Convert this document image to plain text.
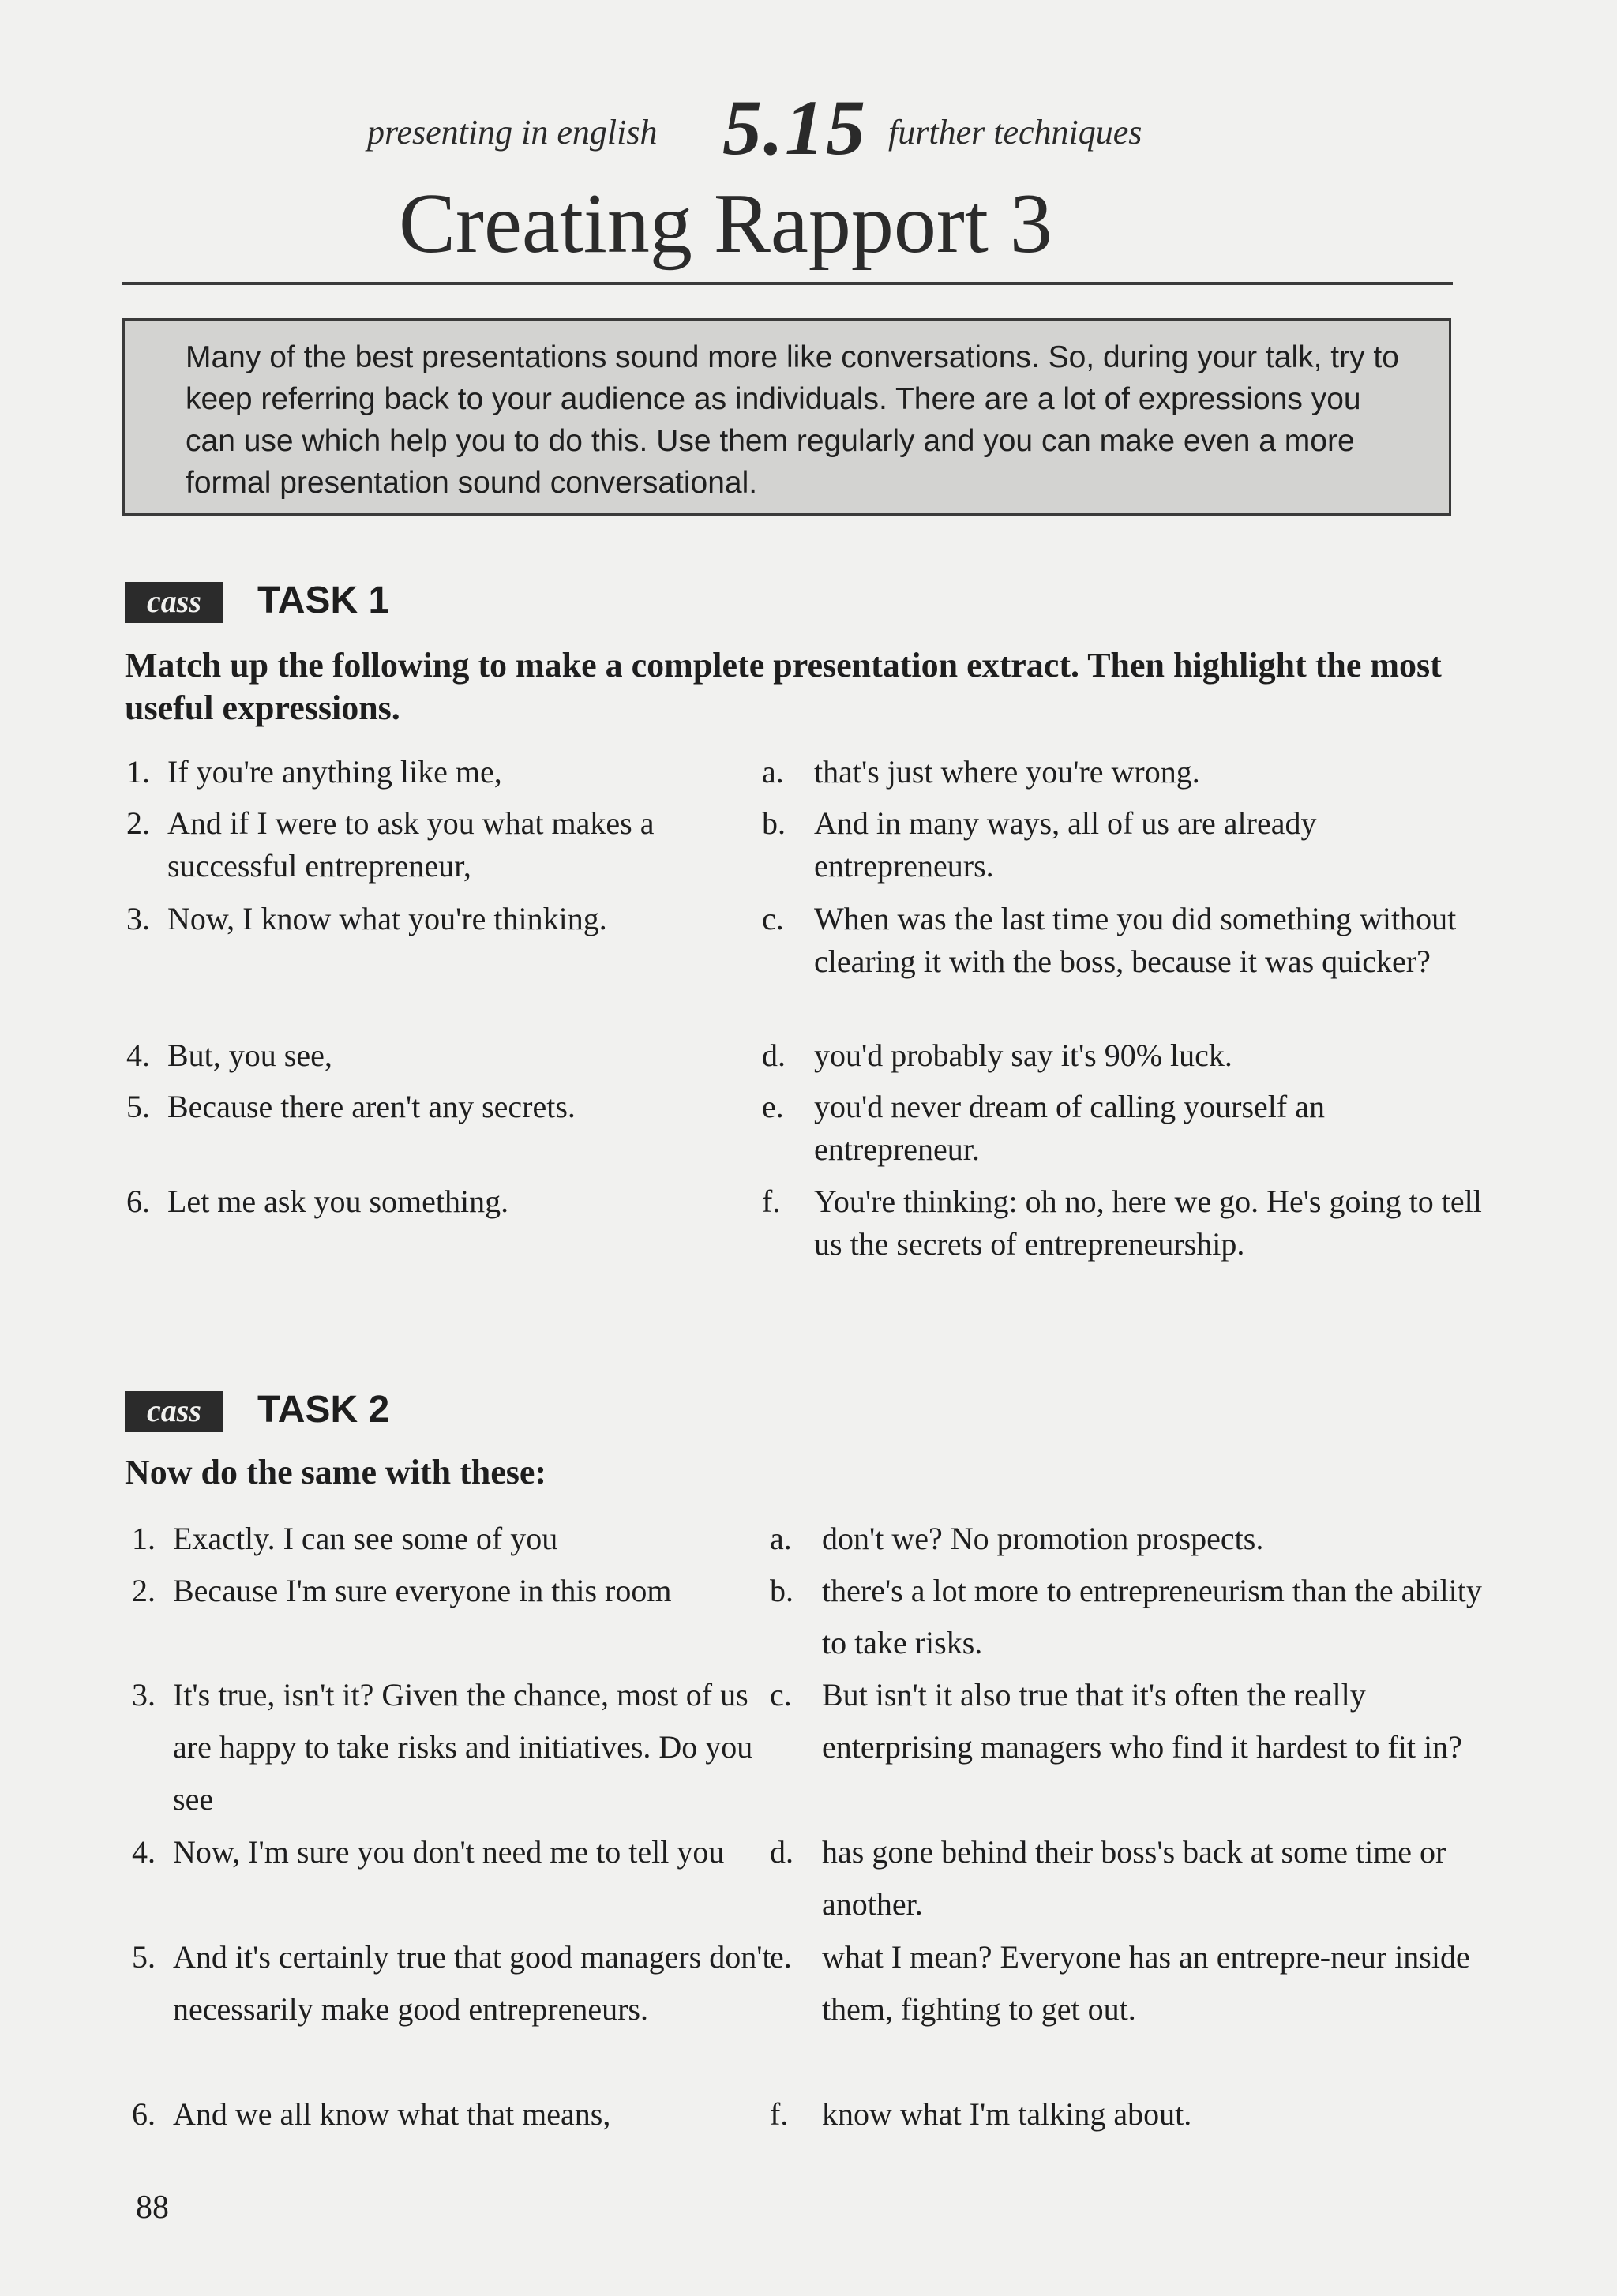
presenting in english 5.15 further techniques
Creating Rapport 3
Many of the best presentations sound more like conversations. So, during your talk, try to keep referring back to your audience as individuals. There are a lot of expressions you can use which help you to do this. Use them regularly and you can make even a more formal presentation sound conversational.
cass	TASK 1
Match up the following to make a complete presentation extract. Then highlight the most useful expressions.
1. If you're anything like me,
2. And if I were to ask you what makes a successful entrepreneur,
3. Now, I know what you're thinking.
4. But, you see,
5. Because there aren't any secrets.
6. Let me ask you something.
a. that's just where you're wrong.
b. And in many ways, all of us are already entrepreneurs.
c. When was the last time you did something without clearing it with the boss, because it was quicker?
d. you'd probably say it's 90% luck.
e. you'd never dream of calling yourself an entrepreneur.
f. You're thinking: oh no, here we go. He's going to tell us the secrets of entrepreneurship.
cass	TASK 2
Now do the same with these:
1. Exactly. I can see some of you
2. Because I'm sure everyone in this room
3. It's true, isn't it? Given the chance, most of us are happy to take risks and initiatives. Do you see
4. Now, I'm sure you don't need me to tell you
5. And it's certainly true that good managers don't necessarily make good entrepreneurs.
6. And we all know what that means,
a. don't we? No promotion prospects.
b. there's a lot more to entrepreneurism than the ability to take risks.
c. But isn't it also true that it's often the really enterprising managers who find it hardest to fit in?
d. has gone behind their boss's back at some time or another.
e. what I mean? Everyone has an entrepre-neur inside them, fighting to get out.
f. know what I'm talking about.
88
